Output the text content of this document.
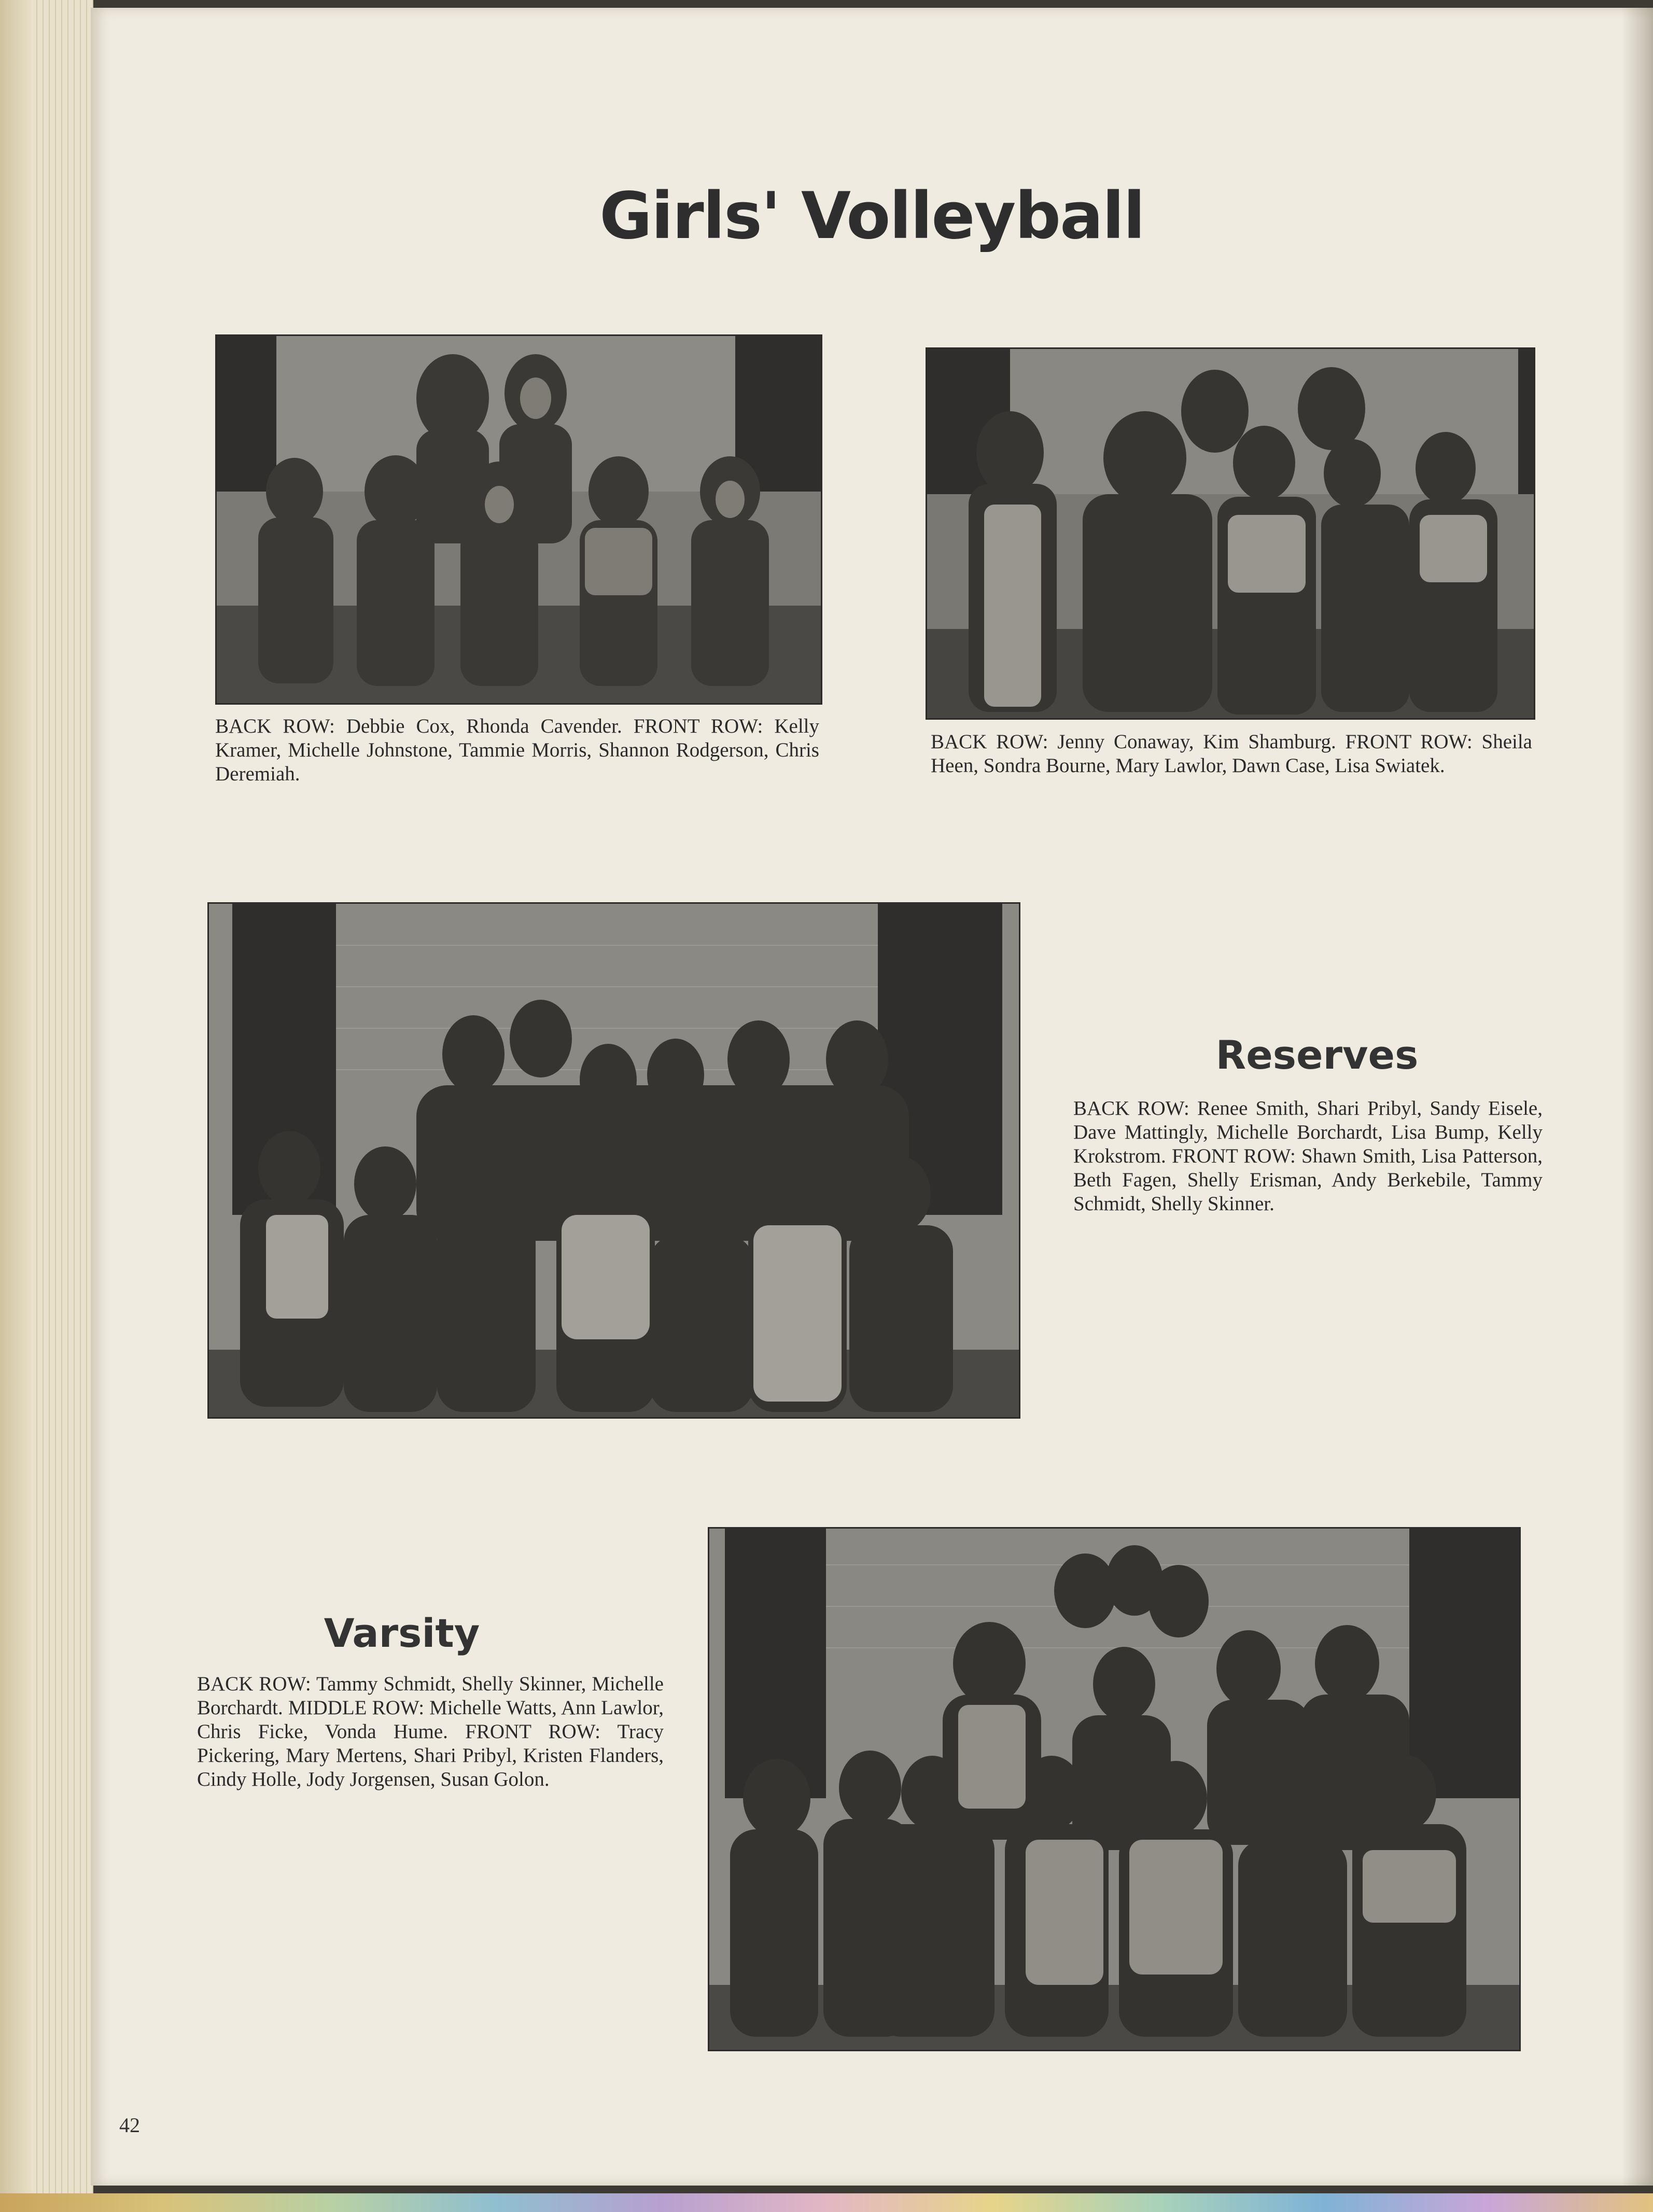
Girls' Volleyball
BACK ROW: Debbie Cox, Rhonda Cavender. FRONT ROW: Kelly Kramer, Michelle Johnstone, Tammie Morris, Shannon Rodgerson, Chris Deremiah.
BACK ROW: Jenny Conaway, Kim Shamburg. FRONT ROW: Sheila Heen, Sondra Bourne, Mary Lawlor, Dawn Case, Lisa Swiatek.
Reserves
BACK ROW: Renee Smith, Shari Pribyl, Sandy Eisele, Dave Mattingly, Michelle Borchardt, Lisa Bump, Kelly Krokstrom. FRONT ROW: Shawn Smith, Lisa Patterson, Beth Fagen, Shelly Erisman, Andy Berkebile, Tammy Schmidt, Shelly Skinner.
Varsity
BACK ROW: Tammy Schmidt, Shelly Skinner, Michelle Borchardt. MIDDLE ROW: Michelle Watts, Ann Lawlor, Chris Ficke, Vonda Hume. FRONT ROW: Tracy Pickering, Mary Mertens, Shari Pribyl, Kristen Flanders, Cindy Holle, Jody Jorgensen, Susan Golon.
42
